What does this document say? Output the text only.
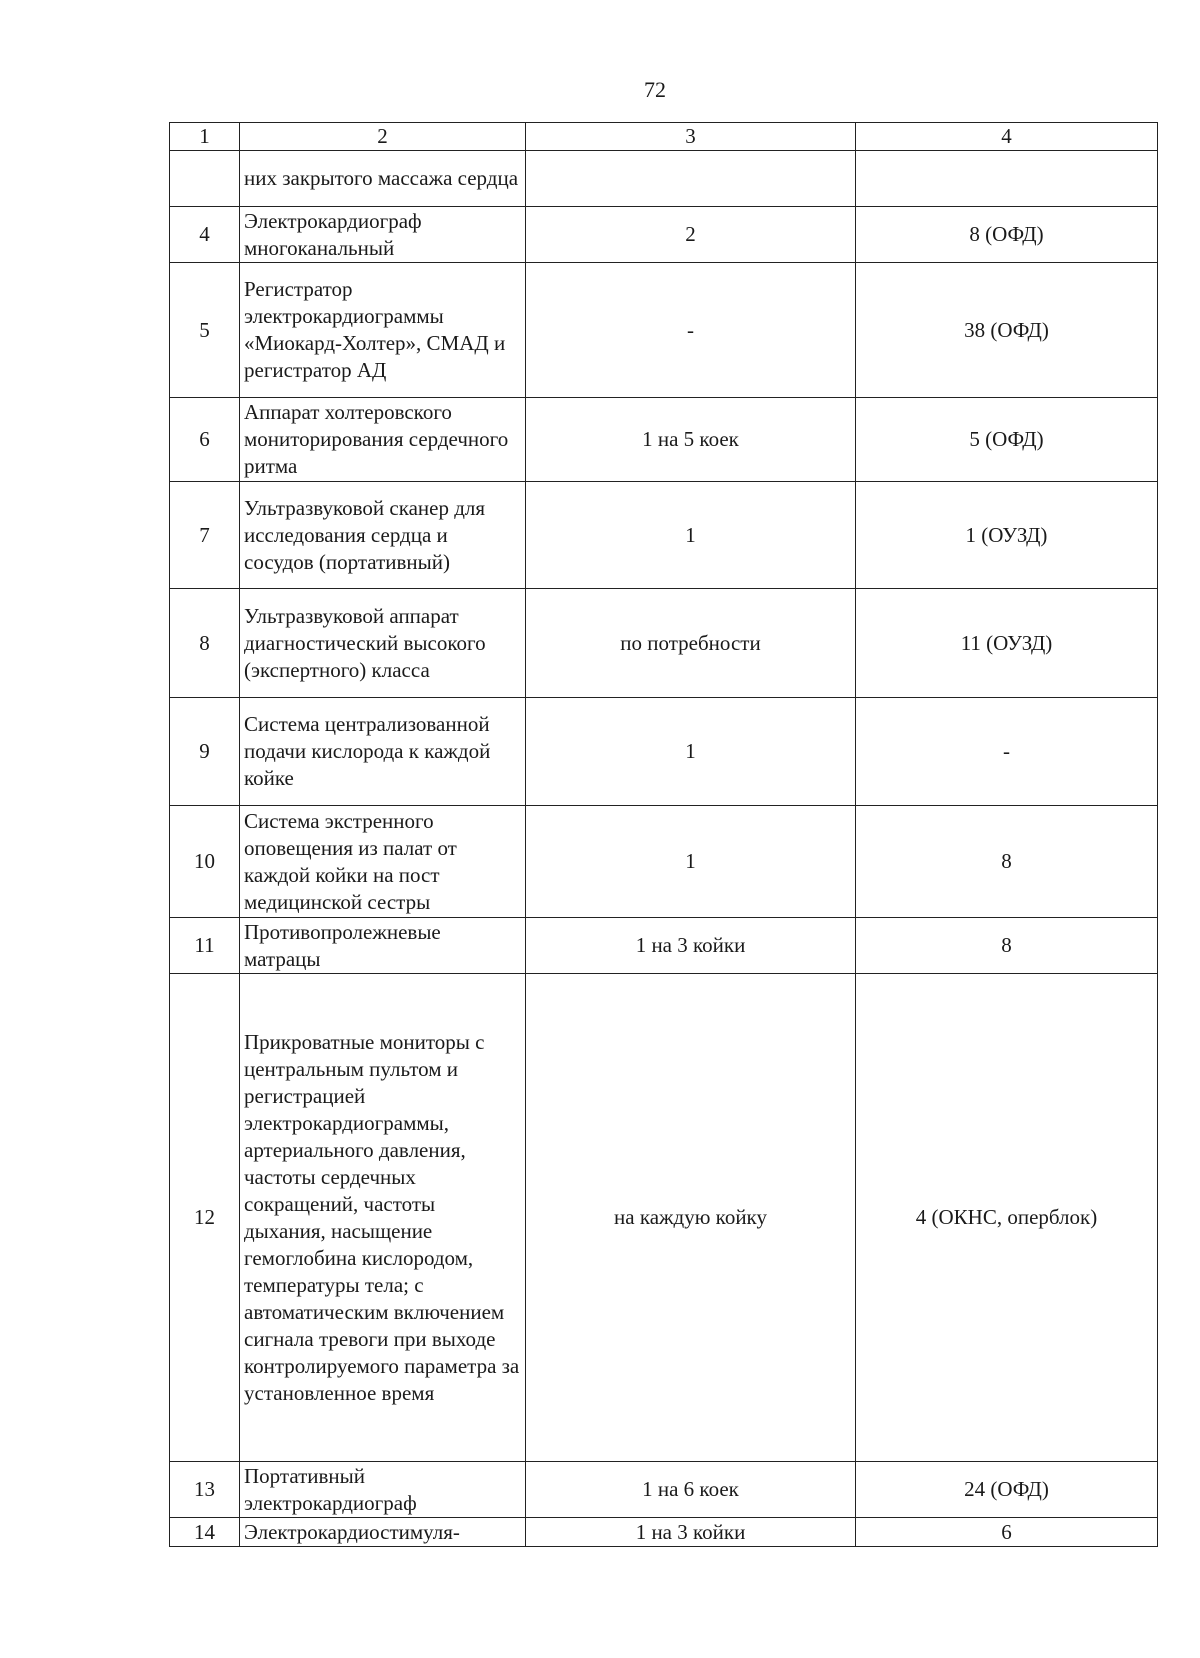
72
1	2	3	4
	них закрытого массажа сердца		
4	Электрокардиограф многоканальный	2	8 (ОФД)
5	Регистратор электрокардиограммы «Миокард-Холтер», СМАД и регистратор АД	-	38 (ОФД)
6	Аппарат холтеровского мониторирования сердечного ритма	1 на 5 коек	5 (ОФД)
7	Ультразвуковой сканер для исследования сердца и сосудов (портативный)	1	1 (ОУЗД)
8	Ультразвуковой аппарат диагностический высокого (экспертного) класса	по потребности	11 (ОУЗД)
9	Система централизованной подачи кислорода к каждой койке	1	-
10	Система экстренного оповещения из палат от каждой койки на пост медицинской сестры	1	8
11	Противопролежневые матрацы	1 на 3 койки	8
12	Прикроватные мониторы с центральным пультом и регистрацией электрокардиограммы, артериального давления, частоты сердечных сокращений, частоты дыхания, насыщение гемоглобина кислородом, температуры тела; с автоматическим включением сигнала тревоги при выходе контролируемого параметра за установленное время	на каждую койку	4 (ОКНС, оперблок)
13	Портативный электрокардиограф	1 на 6 коек	24 (ОФД)
14	Электрокардиостимуля-	1 на 3 койки	6
